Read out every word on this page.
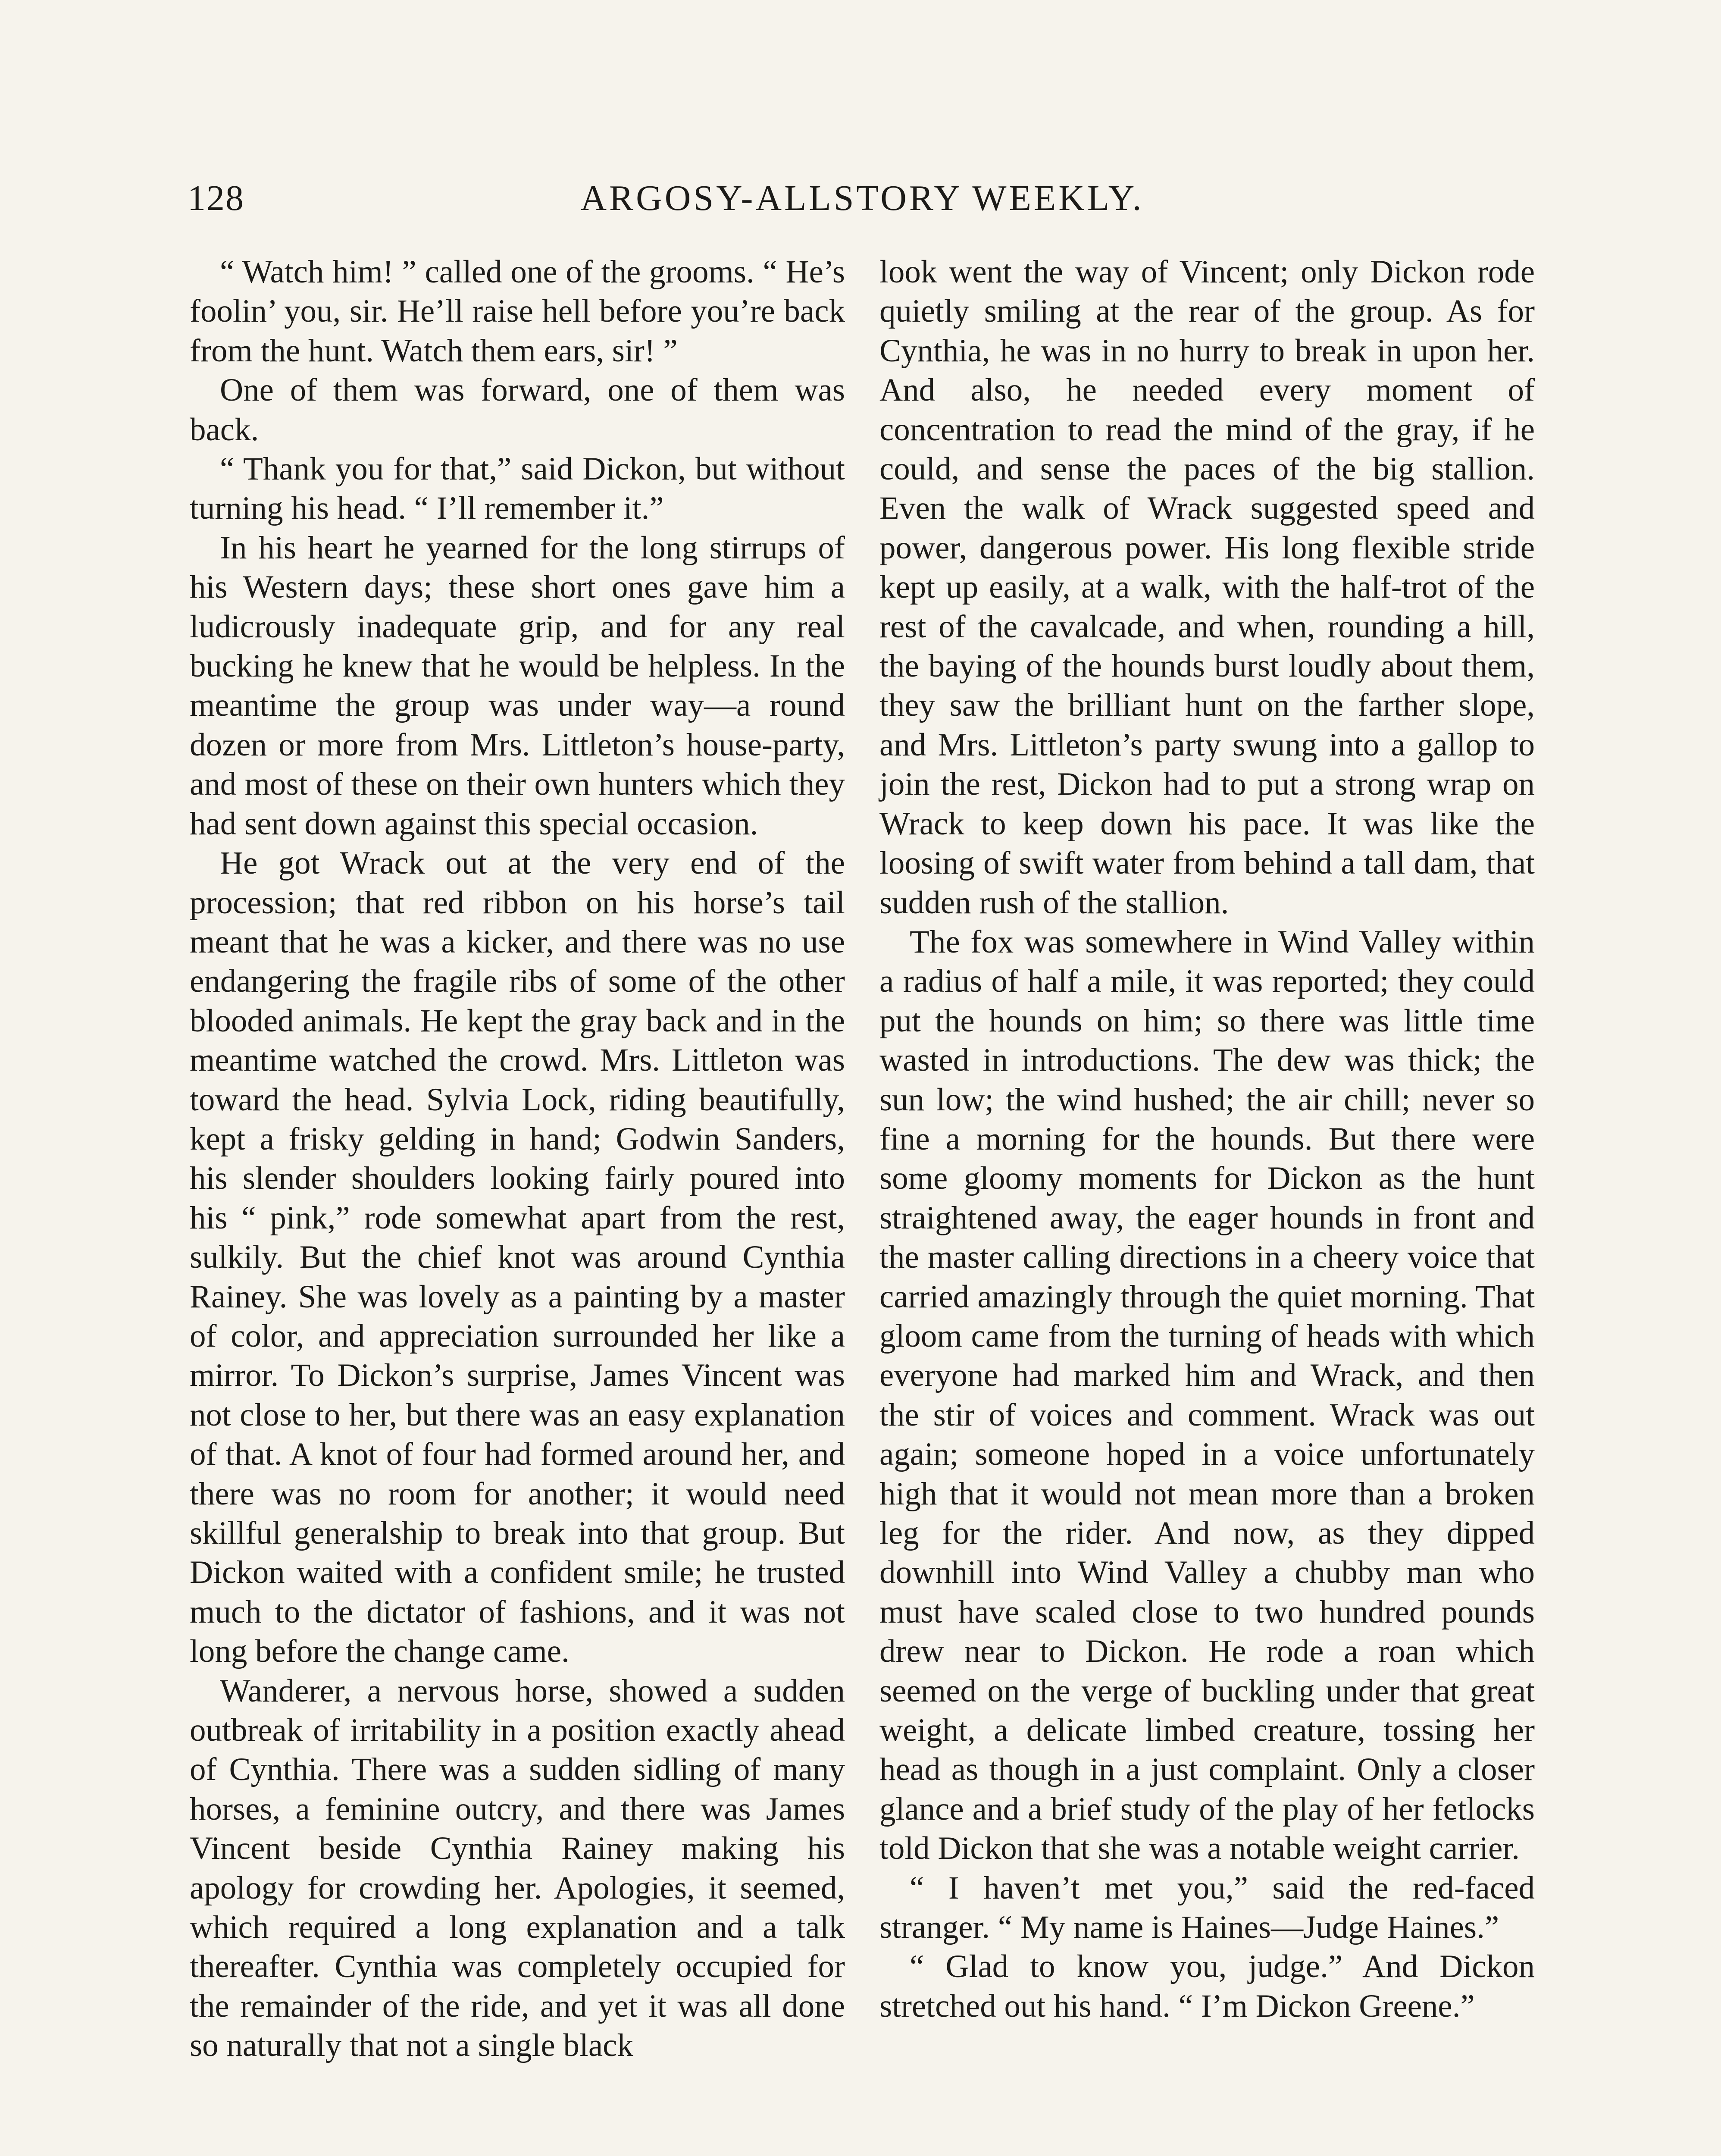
128	ARGOSY-ALLSTORY WEEKLY.

“ Watch him! ” called one of the grooms. “ He’s foolin’ you, sir. He’ll raise hell before you’re back from the hunt. Watch them ears, sir! ”

One of them was forward, one of them was back.

“ Thank you for that,” said Dickon, but without turning his head. “ I’ll remember it.”

In his heart he yearned for the long stirrups of his Western days; these short ones gave him a ludicrously inadequate grip, and for any real bucking he knew that he would be helpless. In the meantime the group was under way—a round dozen or more from Mrs. Littleton’s house-party, and most of these on their own hunters which they had sent down against this special occasion.

He got Wrack out at the very end of the procession; that red ribbon on his horse’s tail meant that he was a kicker, and there was no use endangering the fragile ribs of some of the other blooded animals. He kept the gray back and in the meantime watched the crowd. Mrs. Littleton was toward the head. Sylvia Lock, riding beautifully, kept a frisky gelding in hand; Godwin Sanders, his slender shoulders looking fairly poured into his “ pink,” rode somewhat apart from the rest, sulkily. But the chief knot was around Cynthia Rainey. She was lovely as a painting by a master of color, and appreciation surrounded her like a mirror. To Dickon’s surprise, James Vincent was not close to her, but there was an easy explanation of that. A knot of four had formed around her, and there was no room for another; it would need skillful generalship to break into that group. But Dickon waited with a confident smile; he trusted much to the dictator of fashions, and it was not long before the change came.

Wanderer, a nervous horse, showed a sudden outbreak of irritability in a position exactly ahead of Cynthia. There was a sudden sidling of many horses, a feminine outcry, and there was James Vincent beside Cynthia Rainey making his apology for crowding her. Apologies, it seemed, which required a long explanation and a talk thereafter. Cynthia was completely occupied for the remainder of the ride, and yet it was all done so naturally that not a single black

look went the way of Vincent; only Dickon rode quietly smiling at the rear of the group. As for Cynthia, he was in no hurry to break in upon her. And also, he needed every moment of concentration to read the mind of the gray, if he could, and sense the paces of the big stallion. Even the walk of Wrack suggested speed and power, dangerous power. His long flexible stride kept up easily, at a walk, with the half-trot of the rest of the cavalcade, and when, rounding a hill, the baying of the hounds burst loudly about them, they saw the brilliant hunt on the farther slope, and Mrs. Littleton’s party swung into a gallop to join the rest, Dickon had to put a strong wrap on Wrack to keep down his pace. It was like the loosing of swift water from behind a tall dam, that sudden rush of the stallion.

The fox was somewhere in Wind Valley within a radius of half a mile, it was reported; they could put the hounds on him; so there was little time wasted in introductions. The dew was thick; the sun low; the wind hushed; the air chill; never so fine a morning for the hounds. But there were some gloomy moments for Dickon as the hunt straightened away, the eager hounds in front and the master calling directions in a cheery voice that carried amazingly through the quiet morning. That gloom came from the turning of heads with which everyone had marked him and Wrack, and then the stir of voices and comment. Wrack was out again; someone hoped in a voice unfortunately high that it would not mean more than a broken leg for the rider. And now, as they dipped downhill into Wind Valley a chubby man who must have scaled close to two hundred pounds drew near to Dickon. He rode a roan which seemed on the verge of buckling under that great weight, a delicate limbed creature, tossing her head as though in a just complaint. Only a closer glance and a brief study of the play of her fetlocks told Dickon that she was a notable weight carrier.

“ I haven’t met you,” said the red-faced stranger. “ My name is Haines—Judge Haines.”

“ Glad to know you, judge.” And Dickon stretched out his hand. “ I’m Dickon Greene.”
